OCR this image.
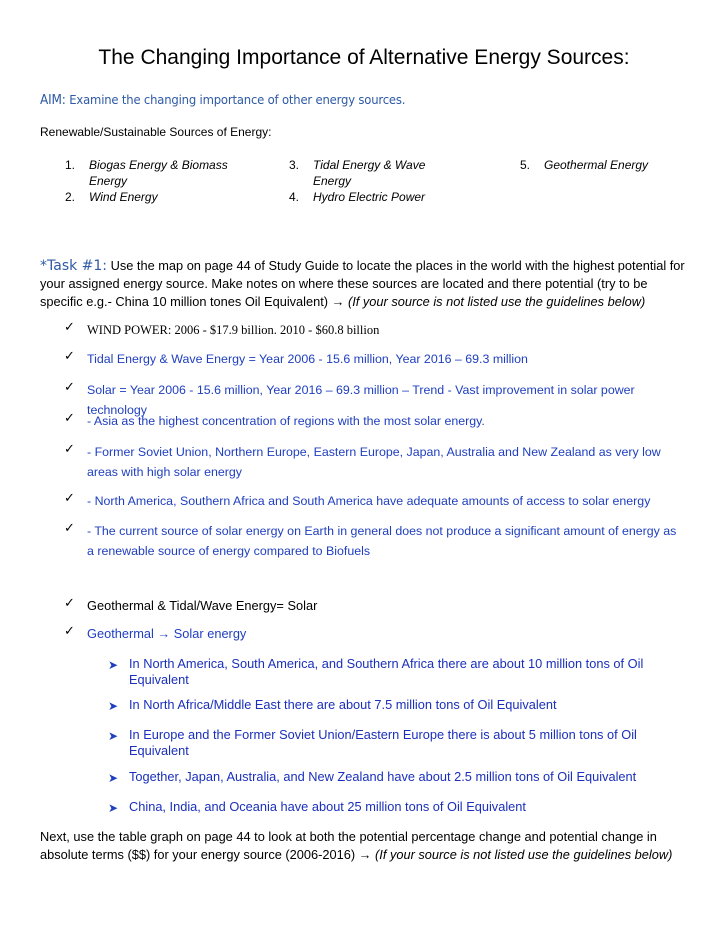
The Changing Importance of Alternative Energy Sources:
AIM: Examine the changing importance of other energy sources.
Renewable/Sustainable Sources of Energy:
1. Biogas Energy & Biomass
Energy
2. Wind Energy
3. Tidal Energy & Wave
Energy
4. Hydro Electric Power
5. Geothermal Energy
*Task #1: Use the map on page 44 of Study Guide to locate the places in the world with the highest potential for your assigned energy source. Make notes on where these sources are located and there potential (try to be specific e.g.- China 10 million tones Oil Equivalent) → (If your source is not listed use the guidelines below)
✓ WIND POWER: 2006 - $17.9 billion. 2010 - $60.8 billion
✓ Tidal Energy & Wave Energy = Year 2006 - 15.6 million, Year 2016 – 69.3 million
✓ Solar = Year 2006 - 15.6 million, Year 2016 – 69.3 million – Trend - Vast improvement in solar power technology
✓ - Asia as the highest concentration of regions with the most solar energy.
✓ - Former Soviet Union, Northern Europe, Eastern Europe, Japan, Australia and New Zealand as very low areas with high solar energy
✓ - North America, Southern Africa and South America have adequate amounts of access to solar energy
✓ - The current source of solar energy on Earth in general does not produce a significant amount of energy as a renewable source of energy compared to Biofuels
✓ Geothermal & Tidal/Wave Energy= Solar
✓ Geothermal → Solar energy
➤ In North America, South America, and Southern Africa there are about 10 million tons of Oil Equivalent
➤ In North Africa/Middle East there are about 7.5 million tons of Oil Equivalent
➤ In Europe and the Former Soviet Union/Eastern Europe there is about 5 million tons of Oil Equivalent
➤ Together, Japan, Australia, and New Zealand have about 2.5 million tons of Oil Equivalent
➤ China, India, and Oceania have about 25 million tons of Oil Equivalent
Next, use the table graph on page 44 to look at both the potential percentage change and potential change in absolute terms ($$) for your energy source (2006-2016) → (If your source is not listed use the guidelines below)
